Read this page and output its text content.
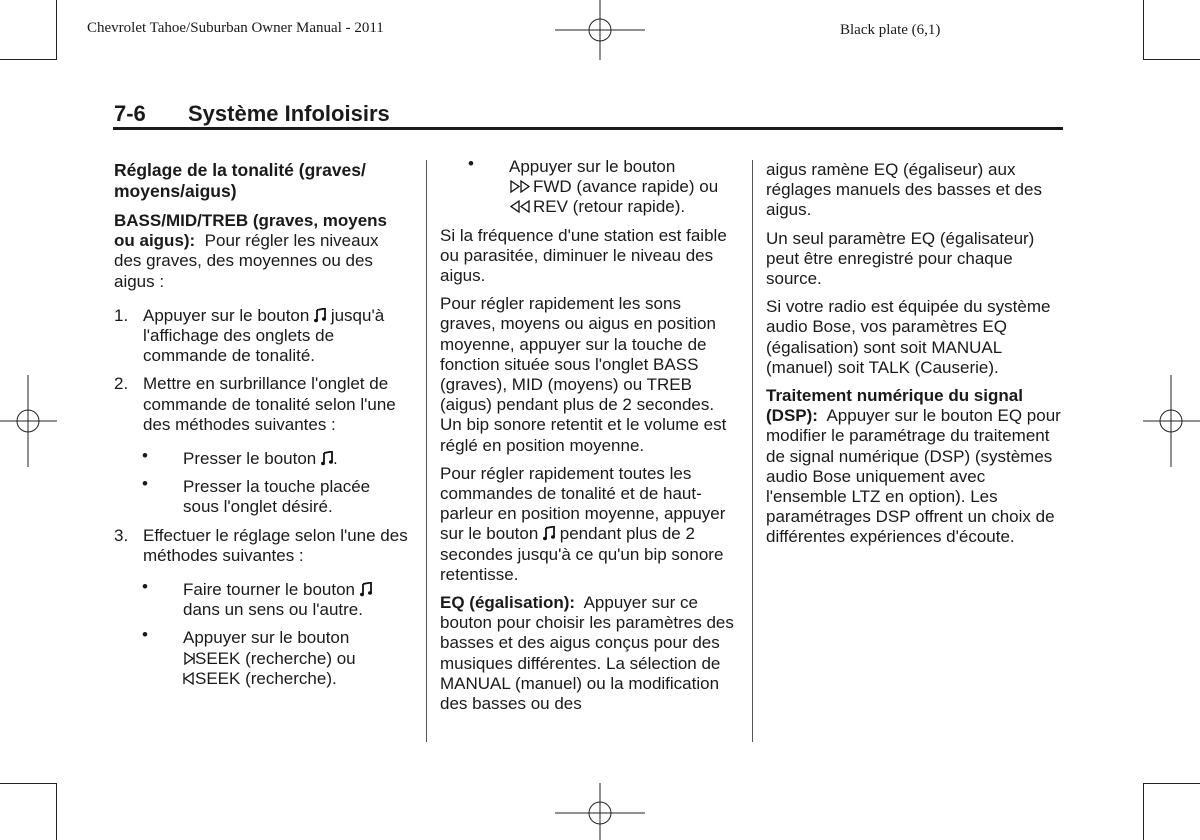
Chevrolet Tahoe/Suburban Owner Manual - 2011	Black plate (6,1)
7-6 Système Infoloisirs
Réglage de la tonalité (graves/ moyens/aigus)

BASS/MID/TREB (graves, moyens ou aigus): Pour régler les niveaux des graves, des moyennes ou des aigus :

1. Appuyer sur le bouton jusqu'à l'affichage des onglets de commande de tonalité.
2. Mettre en surbrillance l'onglet de commande de tonalité selon l'une des méthodes suivantes :
•	Presser le bouton .
•	Presser la touche placée sous l'onglet désiré.
3. Effectuer le réglage selon l'une des méthodes suivantes :
•	Faire tourner le bouton
dans un sens ou l'autre.
•	Appuyer sur le bouton

SEEK (recherche) ou

SEEK (recherche).
•	Appuyer sur le bouton

FWD (avance rapide) ou

REV (retour rapide).

Si la fréquence d'une station est faible ou parasitée, diminuer le niveau des aigus.

Pour régler rapidement les sons graves, moyens ou aigus en position moyenne, appuyer sur la touche de fonction située sous l'onglet BASS (graves), MID (moyens) ou TREB (aigus) pendant plus de 2 secondes. Un bip sonore retentit et le volume est réglé en position moyenne.

Pour régler rapidement toutes les commandes de tonalité et de haut-parleur en position moyenne, appuyer sur le bouton pendant plus de 2 secondes jusqu'à ce qu'un bip sonore retentisse.

EQ (égalisation): Appuyer sur ce bouton pour choisir les paramètres des basses et des aigus conçus pour des musiques différentes. La sélection de MANUAL (manuel) ou la modification des basses ou des

aigus ramène EQ (égaliseur) aux réglages manuels des basses et des aigus.

Un seul paramètre EQ (égalisateur) peut être enregistré pour chaque source.

Si votre radio est équipée du système audio Bose, vos paramètres EQ (égalisation) sont soit MANUAL (manuel) soit TALK (Causerie).

Traitement numérique du signal (DSP): Appuyer sur le bouton EQ pour modifier le paramétrage du traitement de signal numérique (DSP) (systèmes audio Bose uniquement avec l'ensemble LTZ en option). Les paramétrages DSP offrent un choix de différentes expériences d'écoute.
